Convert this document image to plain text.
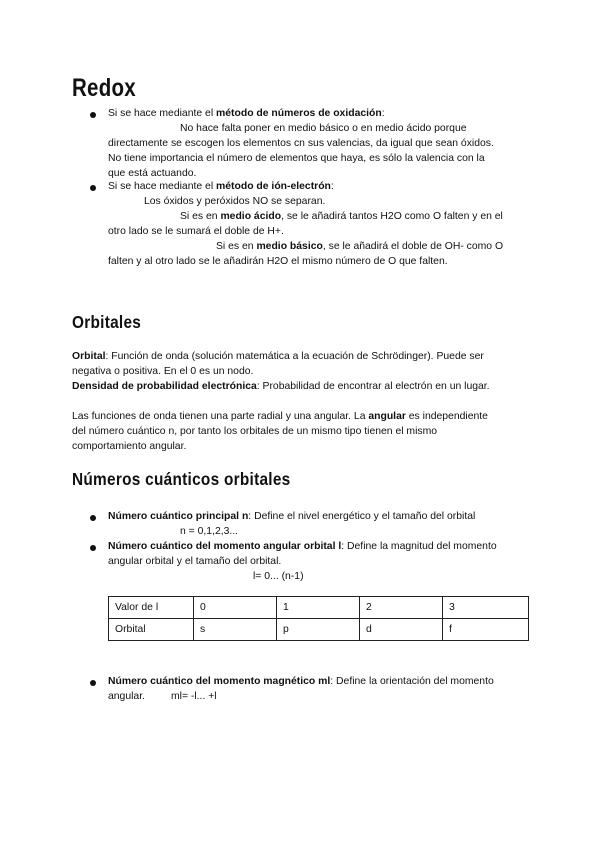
Redox
Si se hace mediante el método de números de oxidación:
No hace falta poner en medio básico o en medio ácido porque
directamente se escogen los elementos cn sus valencias, da igual que sean óxidos.
No tiene importancia el número de elementos que haya, es sólo la valencia con la
que está actuando.
Si se hace mediante el método de ión-electrón:
Los óxidos y peróxidos NO se separan.
Si es en medio ácido, se le añadirá tantos H2O como O falten y en el
otro lado se le sumará el doble de H+.
Si es en medio básico, se le añadirá el doble de OH- como O
falten y al otro lado se le añadirán H2O el mismo número de O que falten.
Orbitales
Orbital: Función de onda (solución matemática a la ecuación de Schrödinger). Puede ser
negativa o positiva. En el 0 es un nodo.
Densidad de probabilidad electrónica: Probabilidad de encontrar al electrón en un lugar.
Las funciones de onda tienen una parte radial y una angular. La angular es independiente
del número cuántico n, por tanto los orbitales de un mismo tipo tienen el mismo
comportamiento angular.
Números cuánticos orbitales
Número cuántico principal n: Define el nivel energético y el tamaño del orbital
n = 0,1,2,3...
Número cuántico del momento angular orbital l: Define la magnitud del momento
angular orbital y el tamaño del orbital.
l= 0... (n-1)
Valor de l	0	1	2	3
Orbital	s	p	d	f
Número cuántico del momento magnético ml: Define la orientación del momento
angular.	ml= -l... +l
